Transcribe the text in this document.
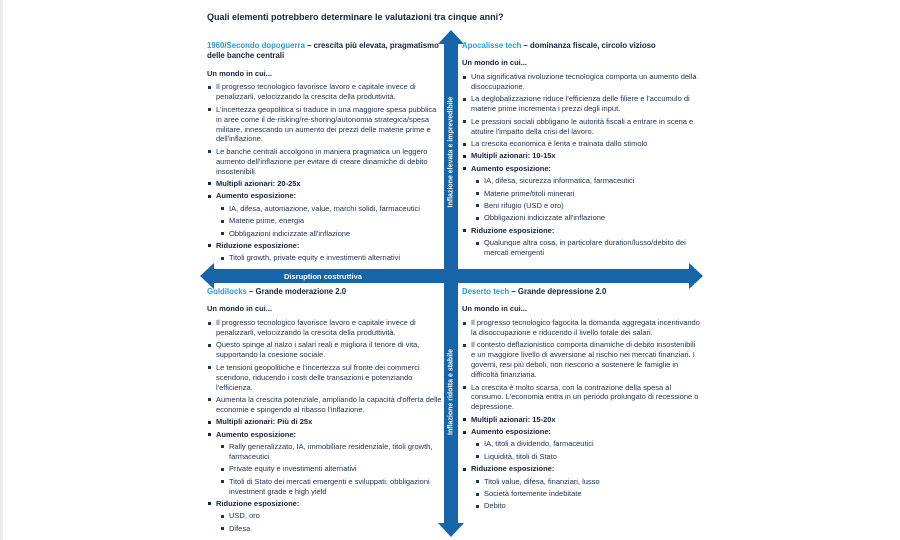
Quali elementi potrebbero determinare le valutazioni tra cinque anni?
Disruption costruttiva
Inflazione elevata e imprevedibile
Inflazione ridotta e stabile
1960/Secondo dopoguerra – crescita più elevata, pragmatismo delle banche centrali
Un mondo in cui...
Il progresso tecnologico favorisce lavoro e capitale invece di penalizzarli, velocizzando la crescita della produttività.
L'incertezza geopolitica si traduce in una maggiore spesa pubblica in aree come il de-risking/re-shoring/autonomia strategica/spesa militare, innescando un aumento dei prezzi delle materie prime e dell'inflazione.
Le banche centrali accolgono in maniera pragmatica un leggero aumento dell'inflazione per evitare di creare dinamiche di debito insostenibili.
Multipli azionari: 20-25x
Aumento esposizione:
IA, difesa, automazione, value, marchi solidi, farmaceutici
Materie prime, energia
Obbligazioni indicizzate all'inflazione
Riduzione esposizione:
Titoli growth, private equity e investimenti alternativi
Apocalisse tech – dominanza fiscale, circolo vizioso
Un mondo in cui...
Una significativa rivoluzione tecnologica comporta un aumento della disoccupazione.
La deglobalizzazione riduce l'efficienza delle filiere e l'accumulo di materie prime incrementa i prezzi degli input.
Le pressioni sociali obbligano le autorità fiscali a entrare in scena e attutire l'impatto della crisi del lavoro.
La crescita economica è lenta e trainata dallo stimolo
Multipli azionari: 10-15x
Aumento esposizione:
IA, difesa, sicurezza informatica, farmaceutici
Materie prime/titoli minerari
Beni rifugio (USD e oro)
Obbligazioni indicizzate all'inflazione
Riduzione esposizione:
Qualunque altra cosa, in particolare duration/lusso/debito dei mercati emergenti
Goldilocks – Grande moderazione 2.0
Un mondo in cui...
Il progresso tecnologico favorisce lavoro e capitale invece di penalizzarli, velocizzando la crescita della produttività.
Questo spinge al rialzo i salari reali e migliora il tenore di vita, supportando la coesione sociale.
Le tensioni geopolitiche e l'incertezza sul fronte dei commerci scendono, riducendo i costi delle transazioni e potenziando l'efficienza.
Aumenta la crescita potenziale, ampliando la capacità d'offerta delle economie e spingendo al ribasso l'inflazione.
Multipli azionari: Più di 25x
Aumento esposizione:
Rally generalizzato, IA, immobiliare residenziale, titoli growth, farmaceutici
Private equity e investimenti alternativi
Titoli di Stato dei mercati emergenti e sviluppati, obbligazioni investment grade e high yield
Riduzione esposizione:
USD, oro
Difesa
Deserto tech – Grande depressione 2.0
Un mondo in cui...
Il progresso tecnologico fagocita la domanda aggregata incentivando la disoccupazione e riducendo il livello totale dei salari.
Il contesto deflazionistico comporta dinamiche di debito insostenibili e un maggiore livello di avversione al rischio nei mercati finanziari. I governi, resi più deboli, non riescono a sostenere le famiglie in difficoltà finanziaria.
La crescita è molto scarsa, con la contrazione della spesa al consumo. L'economia entra in un periodo prolungato di recessione o depressione.
Multipli azionari: 15-20x
Aumento esposizione:
IA, titoli a dividendo, farmaceutici
Liquidità, titoli di Stato
Riduzione esposizione:
Titoli value, difesa, finanziari, lusso
Società fortemente indebitate
Debito
